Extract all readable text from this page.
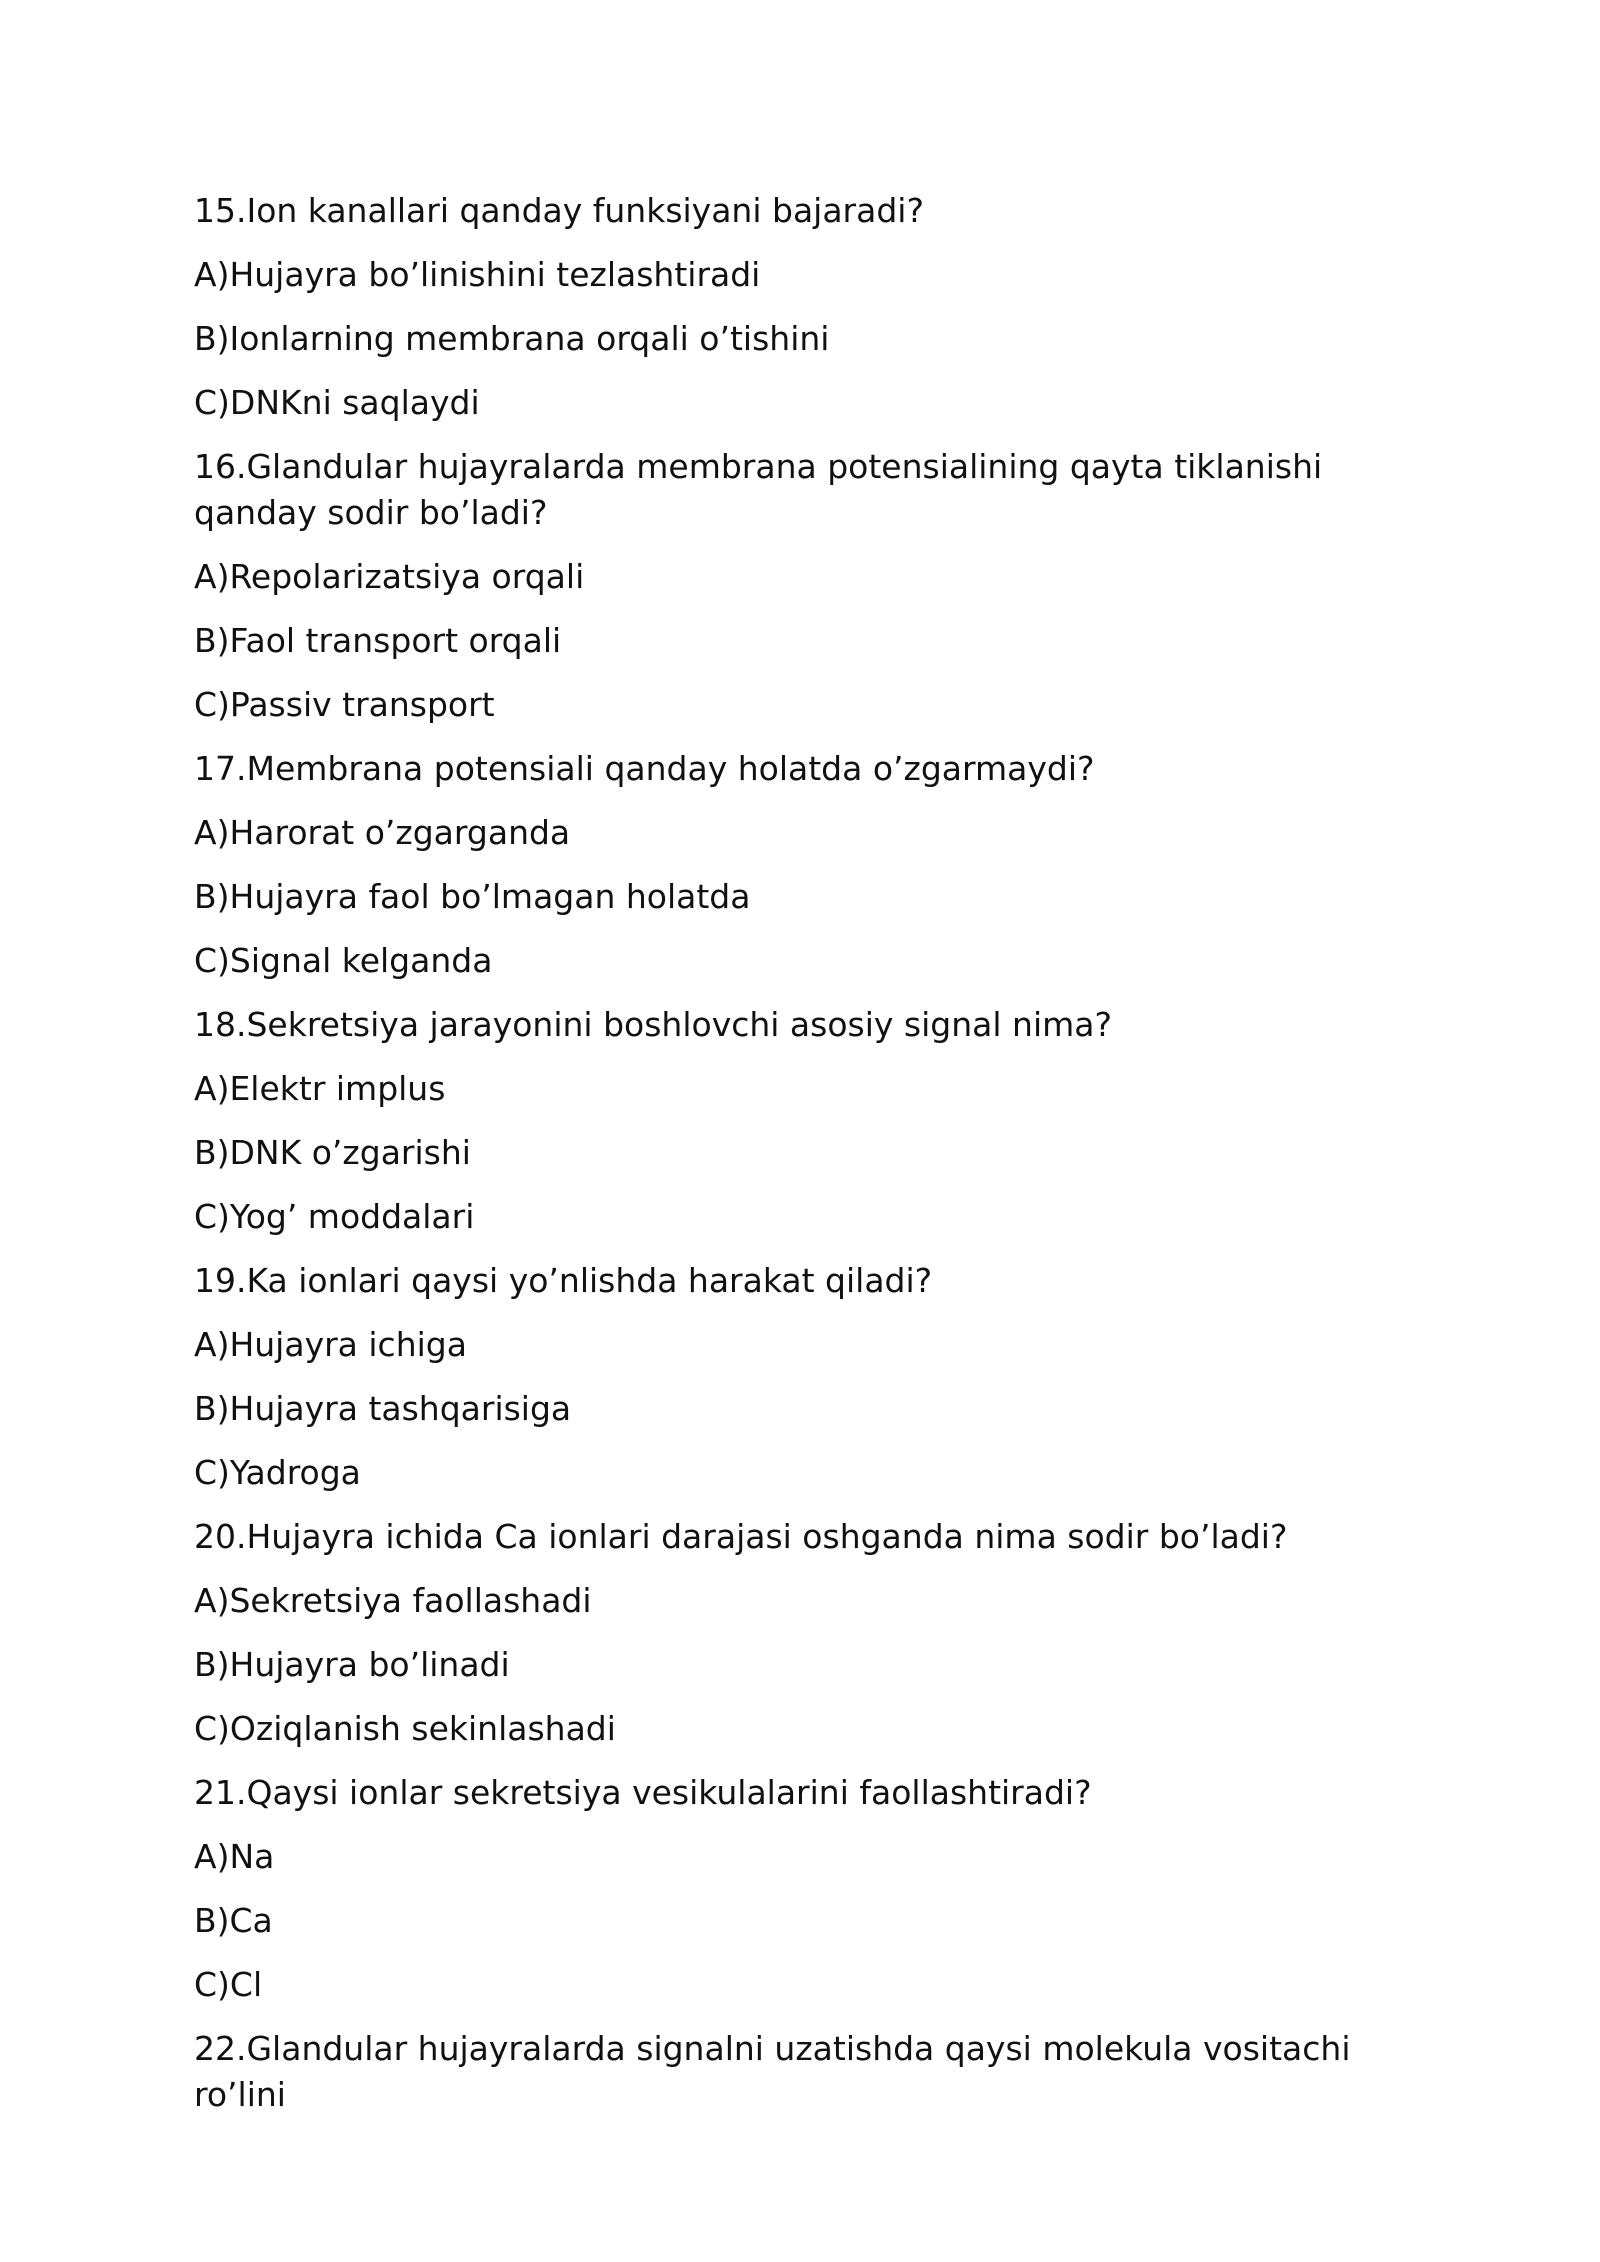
15.Ion kanallari qanday funksiyani bajaradi?

A)Hujayra bo’linishini tezlashtiradi

B)Ionlarning membrana orqali o’tishini

C)DNKni saqlaydi

16.Glandular hujayralarda membrana potensialining qayta tiklanishi qanday sodir bo’ladi?

A)Repolarizatsiya orqali

B)Faol transport orqali

C)Passiv transport

17.Membrana potensiali qanday holatda o’zgarmaydi?

A)Harorat o’zgarganda

B)Hujayra faol bo’lmagan holatda

C)Signal kelganda

18.Sekretsiya jarayonini boshlovchi asosiy signal nima?

A)Elektr implus

B)DNK o’zgarishi

C)Yog’ moddalari

19.Ka ionlari qaysi yo’nlishda harakat qiladi?

A)Hujayra ichiga

B)Hujayra tashqarisiga

C)Yadroga

20.Hujayra ichida Ca ionlari darajasi oshganda nima sodir bo’ladi?

A)Sekretsiya faollashadi

B)Hujayra bo’linadi

C)Oziqlanish sekinlashadi

21.Qaysi ionlar sekretsiya vesikulalarini faollashtiradi?

A)Na

B)Ca

C)Cl

22.Glandular hujayralarda signalni uzatishda qaysi molekula vositachi ro’lini
